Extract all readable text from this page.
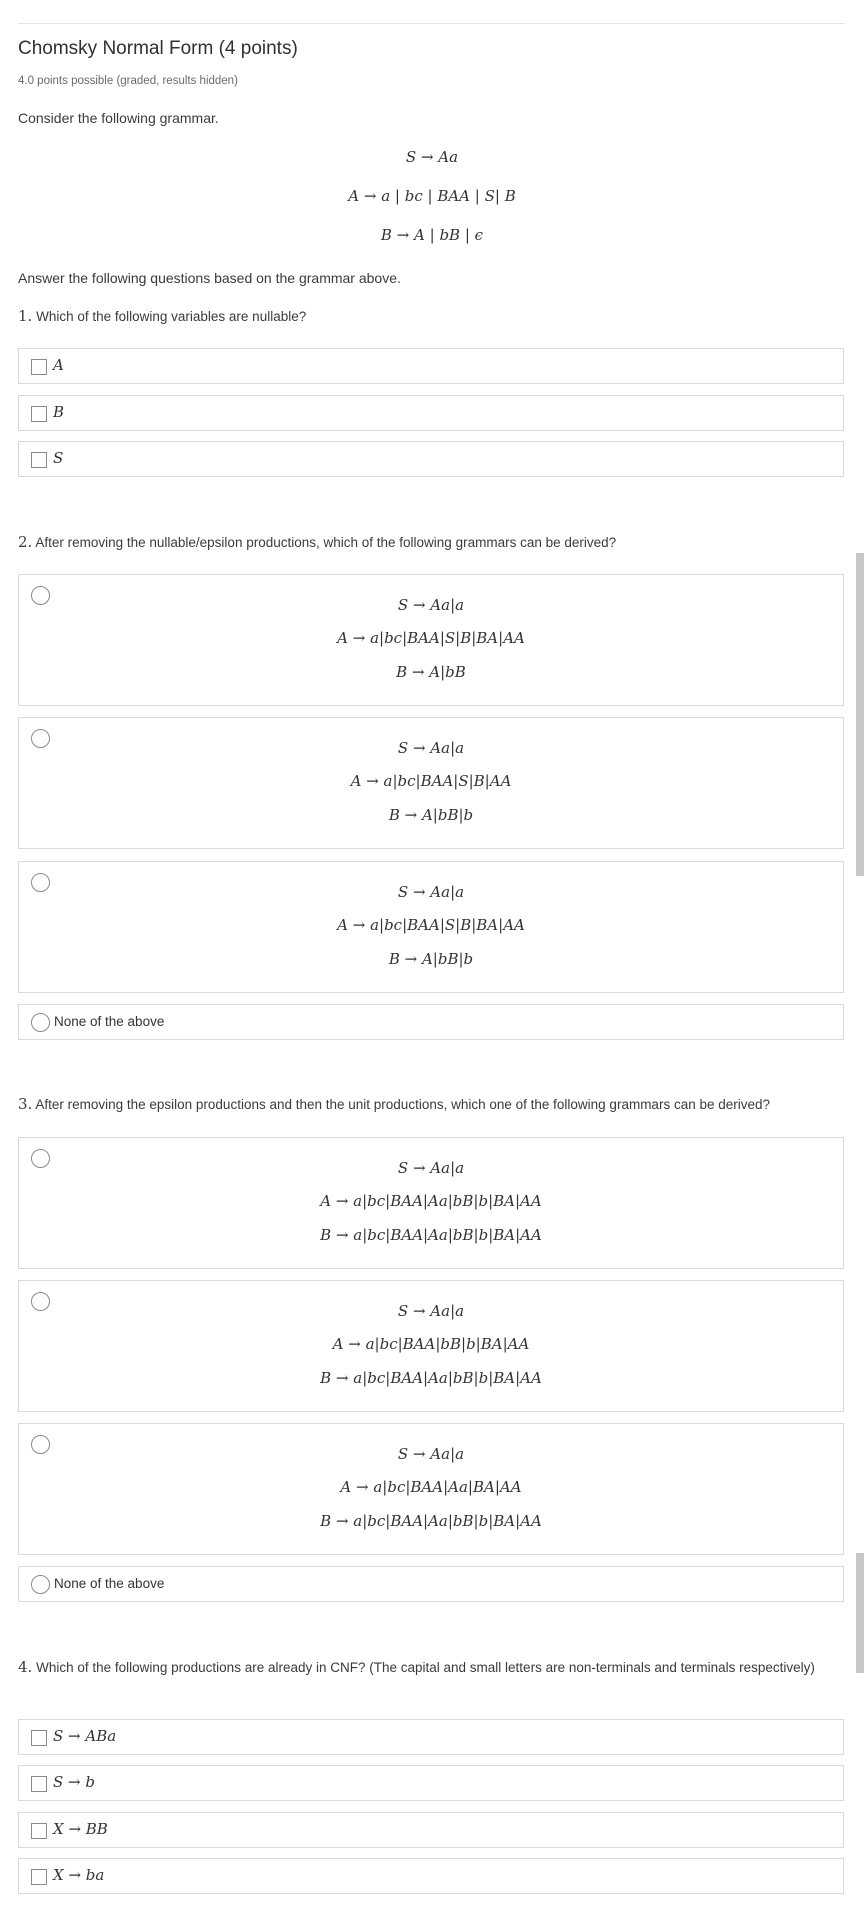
Chomsky Normal Form (4 points)
4.0 points possible (graded, results hidden)
Consider the following grammar.
S → Aa
A → a | bc | BAA | S| B
B → A | bB | ϵ
Answer the following questions based on the grammar above.
1. Which of the following variables are nullable?
A
B
S
2. After removing the nullable/epsilon productions, which of the following grammars can be derived?
S → Aa|a
A → a|bc|BAA|S|B|BA|AA
B → A|bB
S → Aa|a
A → a|bc|BAA|S|B|AA
B → A|bB|b
S → Aa|a
A → a|bc|BAA|S|B|BA|AA
B → A|bB|b
None of the above
3. After removing the epsilon productions and then the unit productions, which one of the following grammars can be derived?
S → Aa|a
A → a|bc|BAA|Aa|bB|b|BA|AA
B → a|bc|BAA|Aa|bB|b|BA|AA
S → Aa|a
A → a|bc|BAA|bB|b|BA|AA
B → a|bc|BAA|Aa|bB|b|BA|AA
S → Aa|a
A → a|bc|BAA|Aa|BA|AA
B → a|bc|BAA|Aa|bB|b|BA|AA
None of the above
4. Which of the following productions are already in CNF? (The capital and small letters are non-terminals and terminals respectively)
S → ABa
S → b
X → BB
X → ba
